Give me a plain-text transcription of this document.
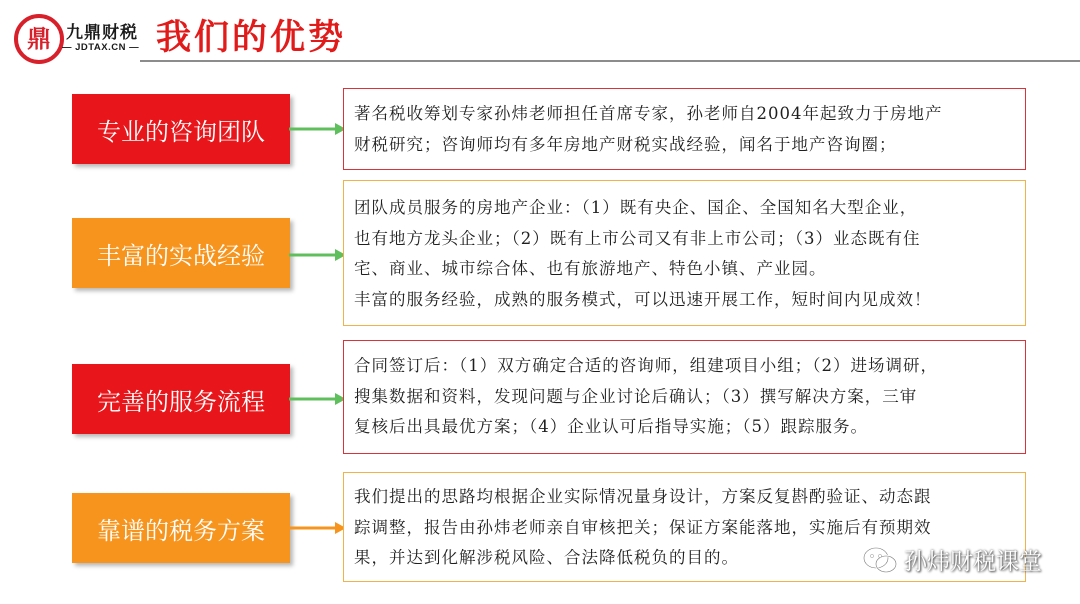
鼎 九鼎财税
— JDTAX.CN — 我们的优势
专业的咨询团队

著名税收筹划专家孙炜老师担任首席专家，孙老师自2004年起致力于房地产

财税研究；咨询师均有多年房地产财税实战经验，闻名于地产咨询圈；

丰富的实战经验

团队成员服务的房地产企业：（1）既有央企、国企、全国知名大型企业，

也有地方龙头企业；（2）既有上市公司又有非上市公司；（3）业态既有住

宅、商业、城市综合体、也有旅游地产、特色小镇、产业园。

丰富的服务经验，成熟的服务模式，可以迅速开展工作，短时间内见成效！

完善的服务流程

合同签订后：（1）双方确定合适的咨询师，组建项目小组；（2）进场调研，

搜集数据和资料，发现问题与企业讨论后确认；（3）撰写解决方案，三审

复核后出具最优方案；（4）企业认可后指导实施；（5）跟踪服务。

靠谱的税务方案

我们提出的思路均根据企业实际情况量身设计，方案反复斟酌验证、动态跟

踪调整，报告由孙炜老师亲自审核把关；保证方案能落地，实施后有预期效

果，并达到化解涉税风险、合法降低税负的目的。	孙炜财税课堂
